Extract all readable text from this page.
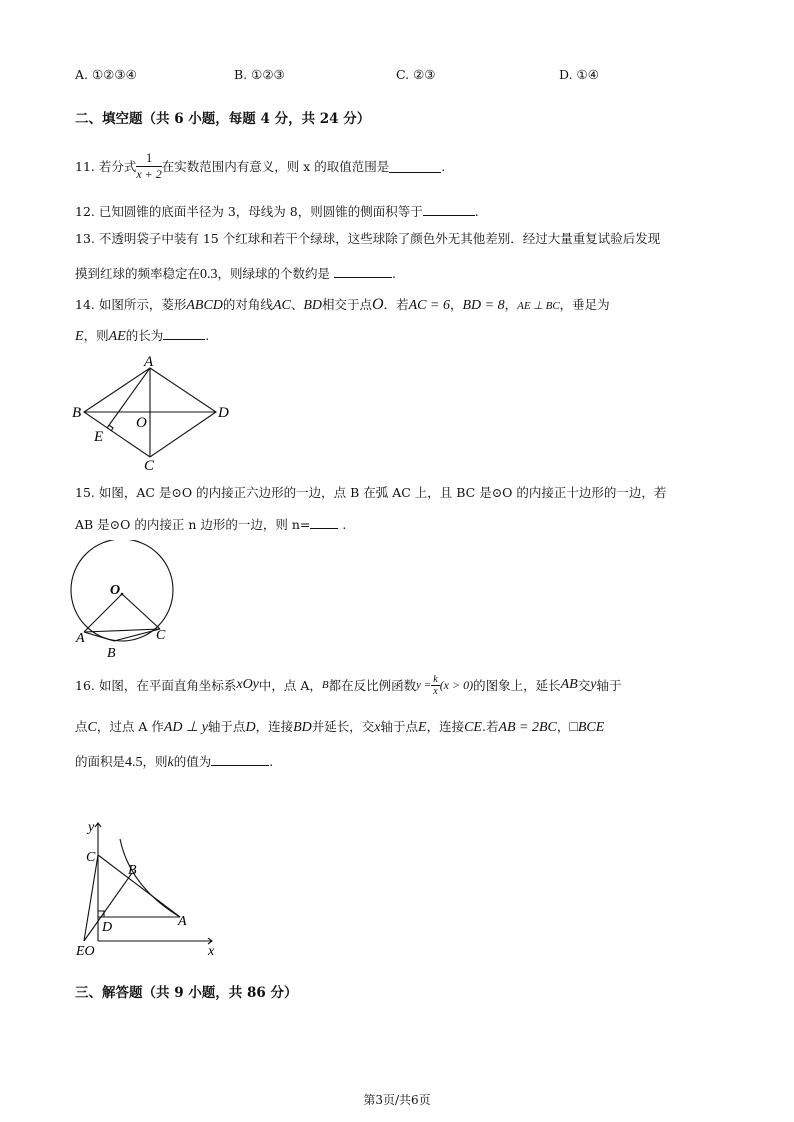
A. ①②③④	B. ①②③	C. ②③	D. ①④
二、填空题（共 6 小题，每题 4 分，共 24 分）
11. 若分式 $\frac{1}{x + 2}$ 在实数范围内有意义，则 x 的取值范围是	.
12. 已知圆锥的底面半径为 3，母线为 8，则圆锥的侧面积等于	.
13. 不透明袋子中装有 15 个红球和若干个绿球，这些球除了颜色外无其他差别．经过大量重复试验后发现
摸到红球的频率稳定在0.3，则绿球的个数约是	.
14. 如图所示，菱形ABCD的对角线AC、BD相交于点O．若AC = 6，BD = 8，AE ⊥ BC，垂足为
E，则AE的长为	.
A
B	D
O
E
C
15. 如图，AC 是⊙O 的内接正六边形的一边，点 B 在弧 AC 上，且 BC 是⊙O 的内接正十边形的一边，若
AB 是⊙O 的内接正 n 边形的一边，则 n= .
O
A
B
C
16. 如图，在平面直角坐标系 xOy 中，点 A， B 都在反比例函数 $y = \frac{k}{x} (x > 0)$ 的图象上，延长 AB 交 y 轴于
点C，过点 A 作AD ⊥ y轴于点D，连接BD并延长，交x轴于点E，连接CE.若AB = 2BC，□BCE
的面积是4.5，则k的值为	.
y
x
C
B
A
D
EO
三、解答题（共 9 小题，共 86 分）
第3页/共6页
